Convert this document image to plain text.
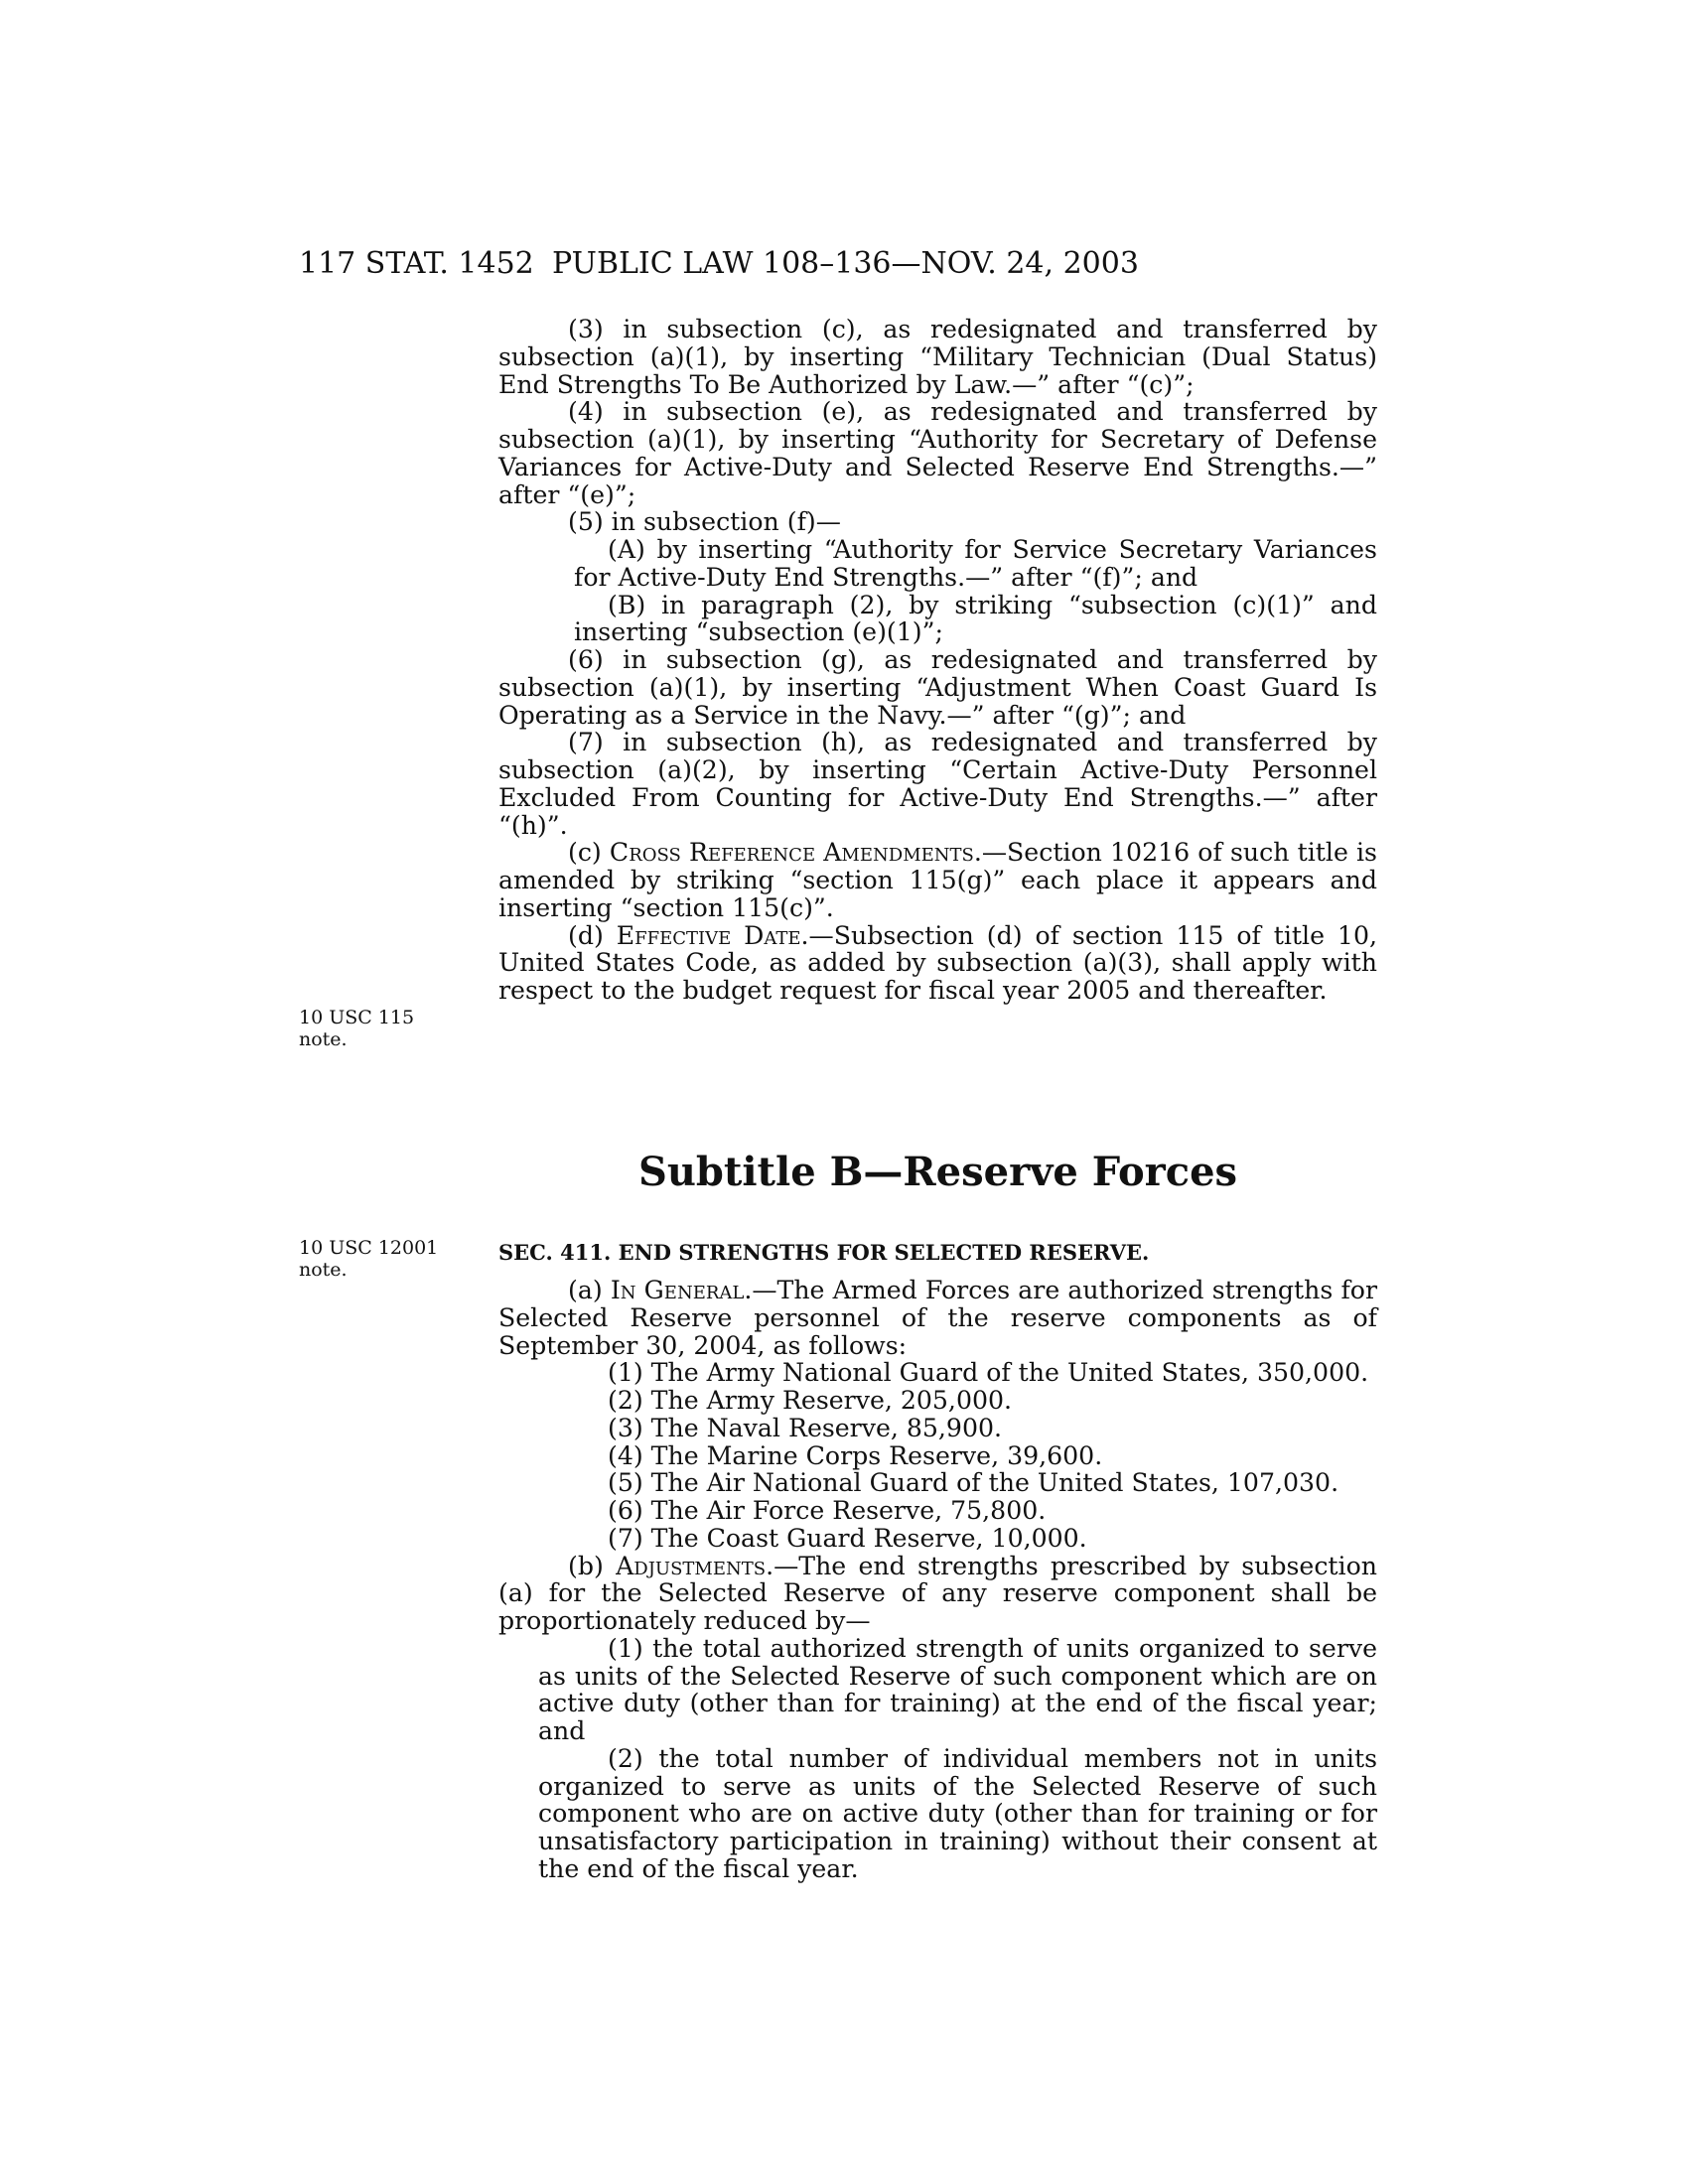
117 STAT. 1452 PUBLIC LAW 108–136—NOV. 24, 2003

(3) in subsection (c), as redesignated and transferred by subsection (a)(1), by inserting “Military Technician (Dual Status) End Strengths To Be Authorized by Law.—” after “(c)”;

(4) in subsection (e), as redesignated and transferred by subsection (a)(1), by inserting “Authority for Secretary of Defense Variances for Active-Duty and Selected Reserve End Strengths.—” after “(e)”;

(5) in subsection (f)—

(A) by inserting “Authority for Service Secretary Variances for Active-Duty End Strengths.—” after “(f)”; and

(B) in paragraph (2), by striking “subsection (c)(1)” and inserting “subsection (e)(1)”;

(6) in subsection (g), as redesignated and transferred by subsection (a)(1), by inserting “Adjustment When Coast Guard Is Operating as a Service in the Navy.—” after “(g)”; and

(7) in subsection (h), as redesignated and transferred by subsection (a)(2), by inserting “Certain Active-Duty Personnel Excluded From Counting for Active-Duty End Strengths.—” after “(h)”.

(c) Cross Reference Amendments.—Section 10216 of such title is amended by striking “section 115(g)” each place it appears and inserting “section 115(c)”.

(d) Effective Date.—Subsection (d) of section 115 of title 10, United States Code, as added by subsection (a)(3), shall apply with respect to the budget request for fiscal year 2005 and thereafter.

10 USC 115 note.
Subtitle B—Reserve Forces
10 USC 12001 note.
SEC. 411. END STRENGTHS FOR SELECTED RESERVE.

(a) In General.—The Armed Forces are authorized strengths for Selected Reserve personnel of the reserve components as of September 30, 2004, as follows:

(1) The Army National Guard of the United States, 350,000.
(2) The Army Reserve, 205,000.
(3) The Naval Reserve, 85,900.
(4) The Marine Corps Reserve, 39,600.
(5) The Air National Guard of the United States, 107,030.
(6) The Air Force Reserve, 75,800.
(7) The Coast Guard Reserve, 10,000.

(b) Adjustments.—The end strengths prescribed by subsection (a) for the Selected Reserve of any reserve component shall be proportionately reduced by—

(1) the total authorized strength of units organized to serve as units of the Selected Reserve of such component which are on active duty (other than for training) at the end of the fiscal year; and

(2) the total number of individual members not in units organized to serve as units of the Selected Reserve of such component who are on active duty (other than for training or for unsatisfactory participation in training) without their consent at the end of the fiscal year.
